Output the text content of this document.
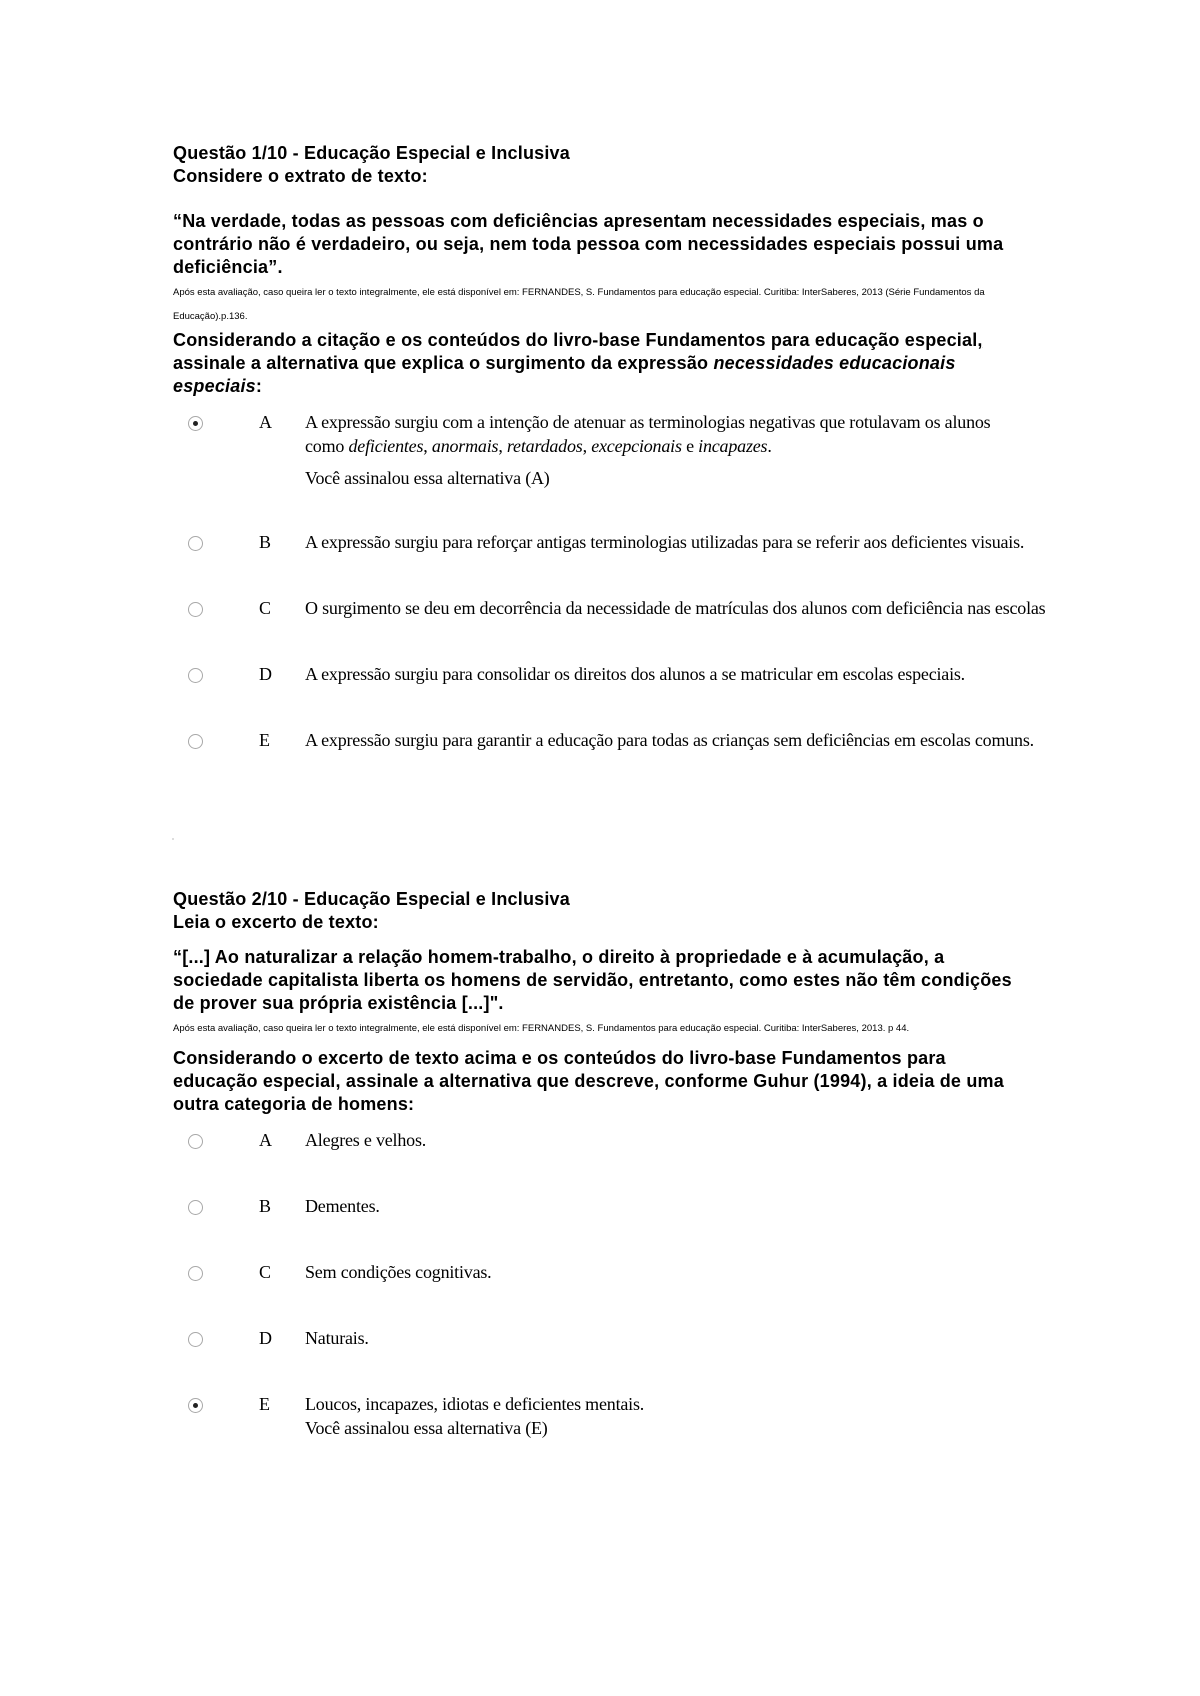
Questão 1/10 - Educação Especial e Inclusiva
Considere o extrato de texto:
“Na verdade, todas as pessoas com deficiências apresentam necessidades especiais, mas o contrário não é verdadeiro, ou seja, nem toda pessoa com necessidades especiais possui uma deficiência”.
Após esta avaliação, caso queira ler o texto integralmente, ele está disponível em: FERNANDES, S. Fundamentos para educação especial. Curitiba: InterSaberes, 2013 (Série Fundamentos da Educação).p.136.
Considerando a citação e os conteúdos do livro-base Fundamentos para educação especial, assinale a alternativa que explica o surgimento da expressão necessidades educacionais especiais:
A A expressão surgiu com a intenção de atenuar as terminologias negativas que rotulavam os alunos
como deficientes, anormais, retardados, excepcionais e incapazes.
Você assinalou essa alternativa (A)
B A expressão surgiu para reforçar antigas terminologias utilizadas para se referir aos deficientes visuais.
C O surgimento se deu em decorrência da necessidade de matrículas dos alunos com deficiência nas escolas
D A expressão surgiu para consolidar os direitos dos alunos a se matricular em escolas especiais.
E A expressão surgiu para garantir a educação para todas as crianças sem deficiências em escolas comuns.
Questão 2/10 - Educação Especial e Inclusiva
Leia o excerto de texto:
“[...] Ao naturalizar a relação homem-trabalho, o direito à propriedade e à acumulação, a sociedade capitalista liberta os homens de servidão, entretanto, como estes não têm condições de prover sua própria existência [...]".
Após esta avaliação, caso queira ler o texto integralmente, ele está disponível em: FERNANDES, S. Fundamentos para educação especial. Curitiba: InterSaberes, 2013. p 44.
Considerando o excerto de texto acima e os conteúdos do livro-base Fundamentos para educação especial, assinale a alternativa que descreve, conforme Guhur (1994), a ideia de uma outra categoria de homens:
A Alegres e velhos.
B Dementes.
C Sem condições cognitivas.
D Naturais.
E Loucos, incapazes, idiotas e deficientes mentais.
Você assinalou essa alternativa (E)
